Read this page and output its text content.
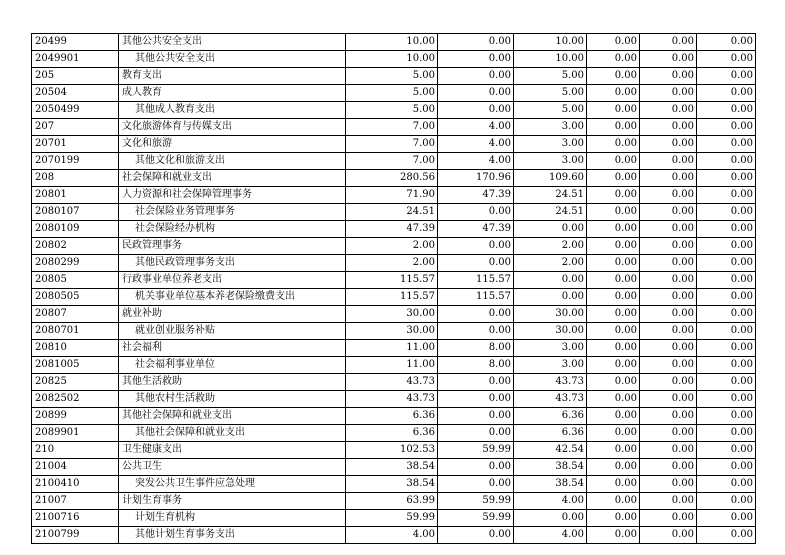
20499	其他公共安全支出	10.00	0.00	10.00	0.00	0.00	0.00
2049901	其他公共安全支出	10.00	0.00	10.00	0.00	0.00	0.00
205	教育支出	5.00	0.00	5.00	0.00	0.00	0.00
20504	成人教育	5.00	0.00	5.00	0.00	0.00	0.00
2050499	其他成人教育支出	5.00	0.00	5.00	0.00	0.00	0.00
207	文化旅游体育与传媒支出	7.00	4.00	3.00	0.00	0.00	0.00
20701	文化和旅游	7.00	4.00	3.00	0.00	0.00	0.00
2070199	其他文化和旅游支出	7.00	4.00	3.00	0.00	0.00	0.00
208	社会保障和就业支出	280.56	170.96	109.60	0.00	0.00	0.00
20801	人力资源和社会保障管理事务	71.90	47.39	24.51	0.00	0.00	0.00
2080107	社会保险业务管理事务	24.51	0.00	24.51	0.00	0.00	0.00
2080109	社会保险经办机构	47.39	47.39	0.00	0.00	0.00	0.00
20802	民政管理事务	2.00	0.00	2.00	0.00	0.00	0.00
2080299	其他民政管理事务支出	2.00	0.00	2.00	0.00	0.00	0.00
20805	行政事业单位养老支出	115.57	115.57	0.00	0.00	0.00	0.00
2080505	机关事业单位基本养老保险缴费支出	115.57	115.57	0.00	0.00	0.00	0.00
20807	就业补助	30.00	0.00	30.00	0.00	0.00	0.00
2080701	就业创业服务补贴	30.00	0.00	30.00	0.00	0.00	0.00
20810	社会福利	11.00	8.00	3.00	0.00	0.00	0.00
2081005	社会福利事业单位	11.00	8.00	3.00	0.00	0.00	0.00
20825	其他生活救助	43.73	0.00	43.73	0.00	0.00	0.00
2082502	其他农村生活救助	43.73	0.00	43.73	0.00	0.00	0.00
20899	其他社会保障和就业支出	6.36	0.00	6.36	0.00	0.00	0.00
2089901	其他社会保障和就业支出	6.36	0.00	6.36	0.00	0.00	0.00
210	卫生健康支出	102.53	59.99	42.54	0.00	0.00	0.00
21004	公共卫生	38.54	0.00	38.54	0.00	0.00	0.00
2100410	突发公共卫生事件应急处理	38.54	0.00	38.54	0.00	0.00	0.00
21007	计划生育事务	63.99	59.99	4.00	0.00	0.00	0.00
2100716	计划生育机构	59.99	59.99	0.00	0.00	0.00	0.00
2100799	其他计划生育事务支出	4.00	0.00	4.00	0.00	0.00	0.00
